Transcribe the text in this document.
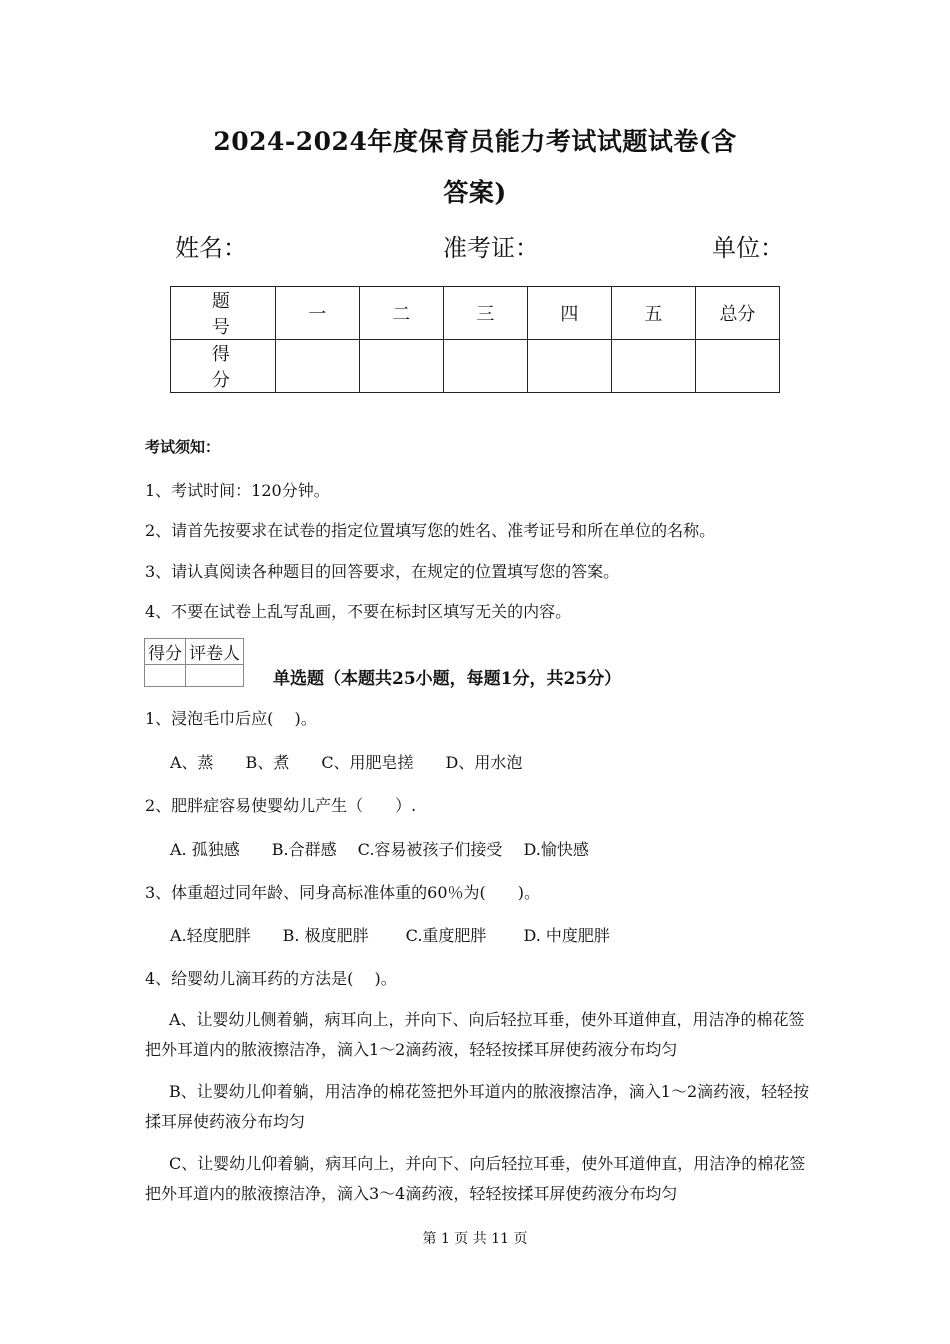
2024-2024年度保育员能力考试试题试卷(含
答案)
姓名：	准考证：	单位：
题　号	一	二	三	四	五	总分
得　分						
考试须知：
1、考试时间：120分钟。
2、请首先按要求在试卷的指定位置填写您的姓名、准考证号和所在单位的名称。
3、请认真阅读各种题目的回答要求，在规定的位置填写您的答案。
4、不要在试卷上乱写乱画，不要在标封区填写无关的内容。
得分	评卷人

单选题（本题共25小题，每题1分，共25分）
1、浸泡毛巾后应(　 )。
A、蒸　　B、煮　　C、用肥皂搓　　D、用水泡
2、肥胖症容易使婴幼儿产生（　　）.
A. 孤独感　　B.合群感　 C.容易被孩子们接受　 D.愉快感
3、体重超过同年龄、同身高标准体重的60％为(　　)。
A.轻度肥胖　　B. 极度肥胖　　 C.重度肥胖　　 D. 中度肥胖
4、给婴幼儿滴耳药的方法是(　 )。
A、让婴幼儿侧着躺，病耳向上，并向下、向后轻拉耳垂，使外耳道伸直，用洁净的棉花签把外耳道内的脓液擦洁净，滴入1～2滴药液，轻轻按揉耳屏使药液分布均匀
B、让婴幼儿仰着躺，用洁净的棉花签把外耳道内的脓液擦洁净，滴入1～2滴药液，轻轻按揉耳屏使药液分布均匀
C、让婴幼儿仰着躺，病耳向上，并向下、向后轻拉耳垂，使外耳道伸直，用洁净的棉花签把外耳道内的脓液擦洁净，滴入3～4滴药液，轻轻按揉耳屏使药液分布均匀
第 1 页 共 11 页
